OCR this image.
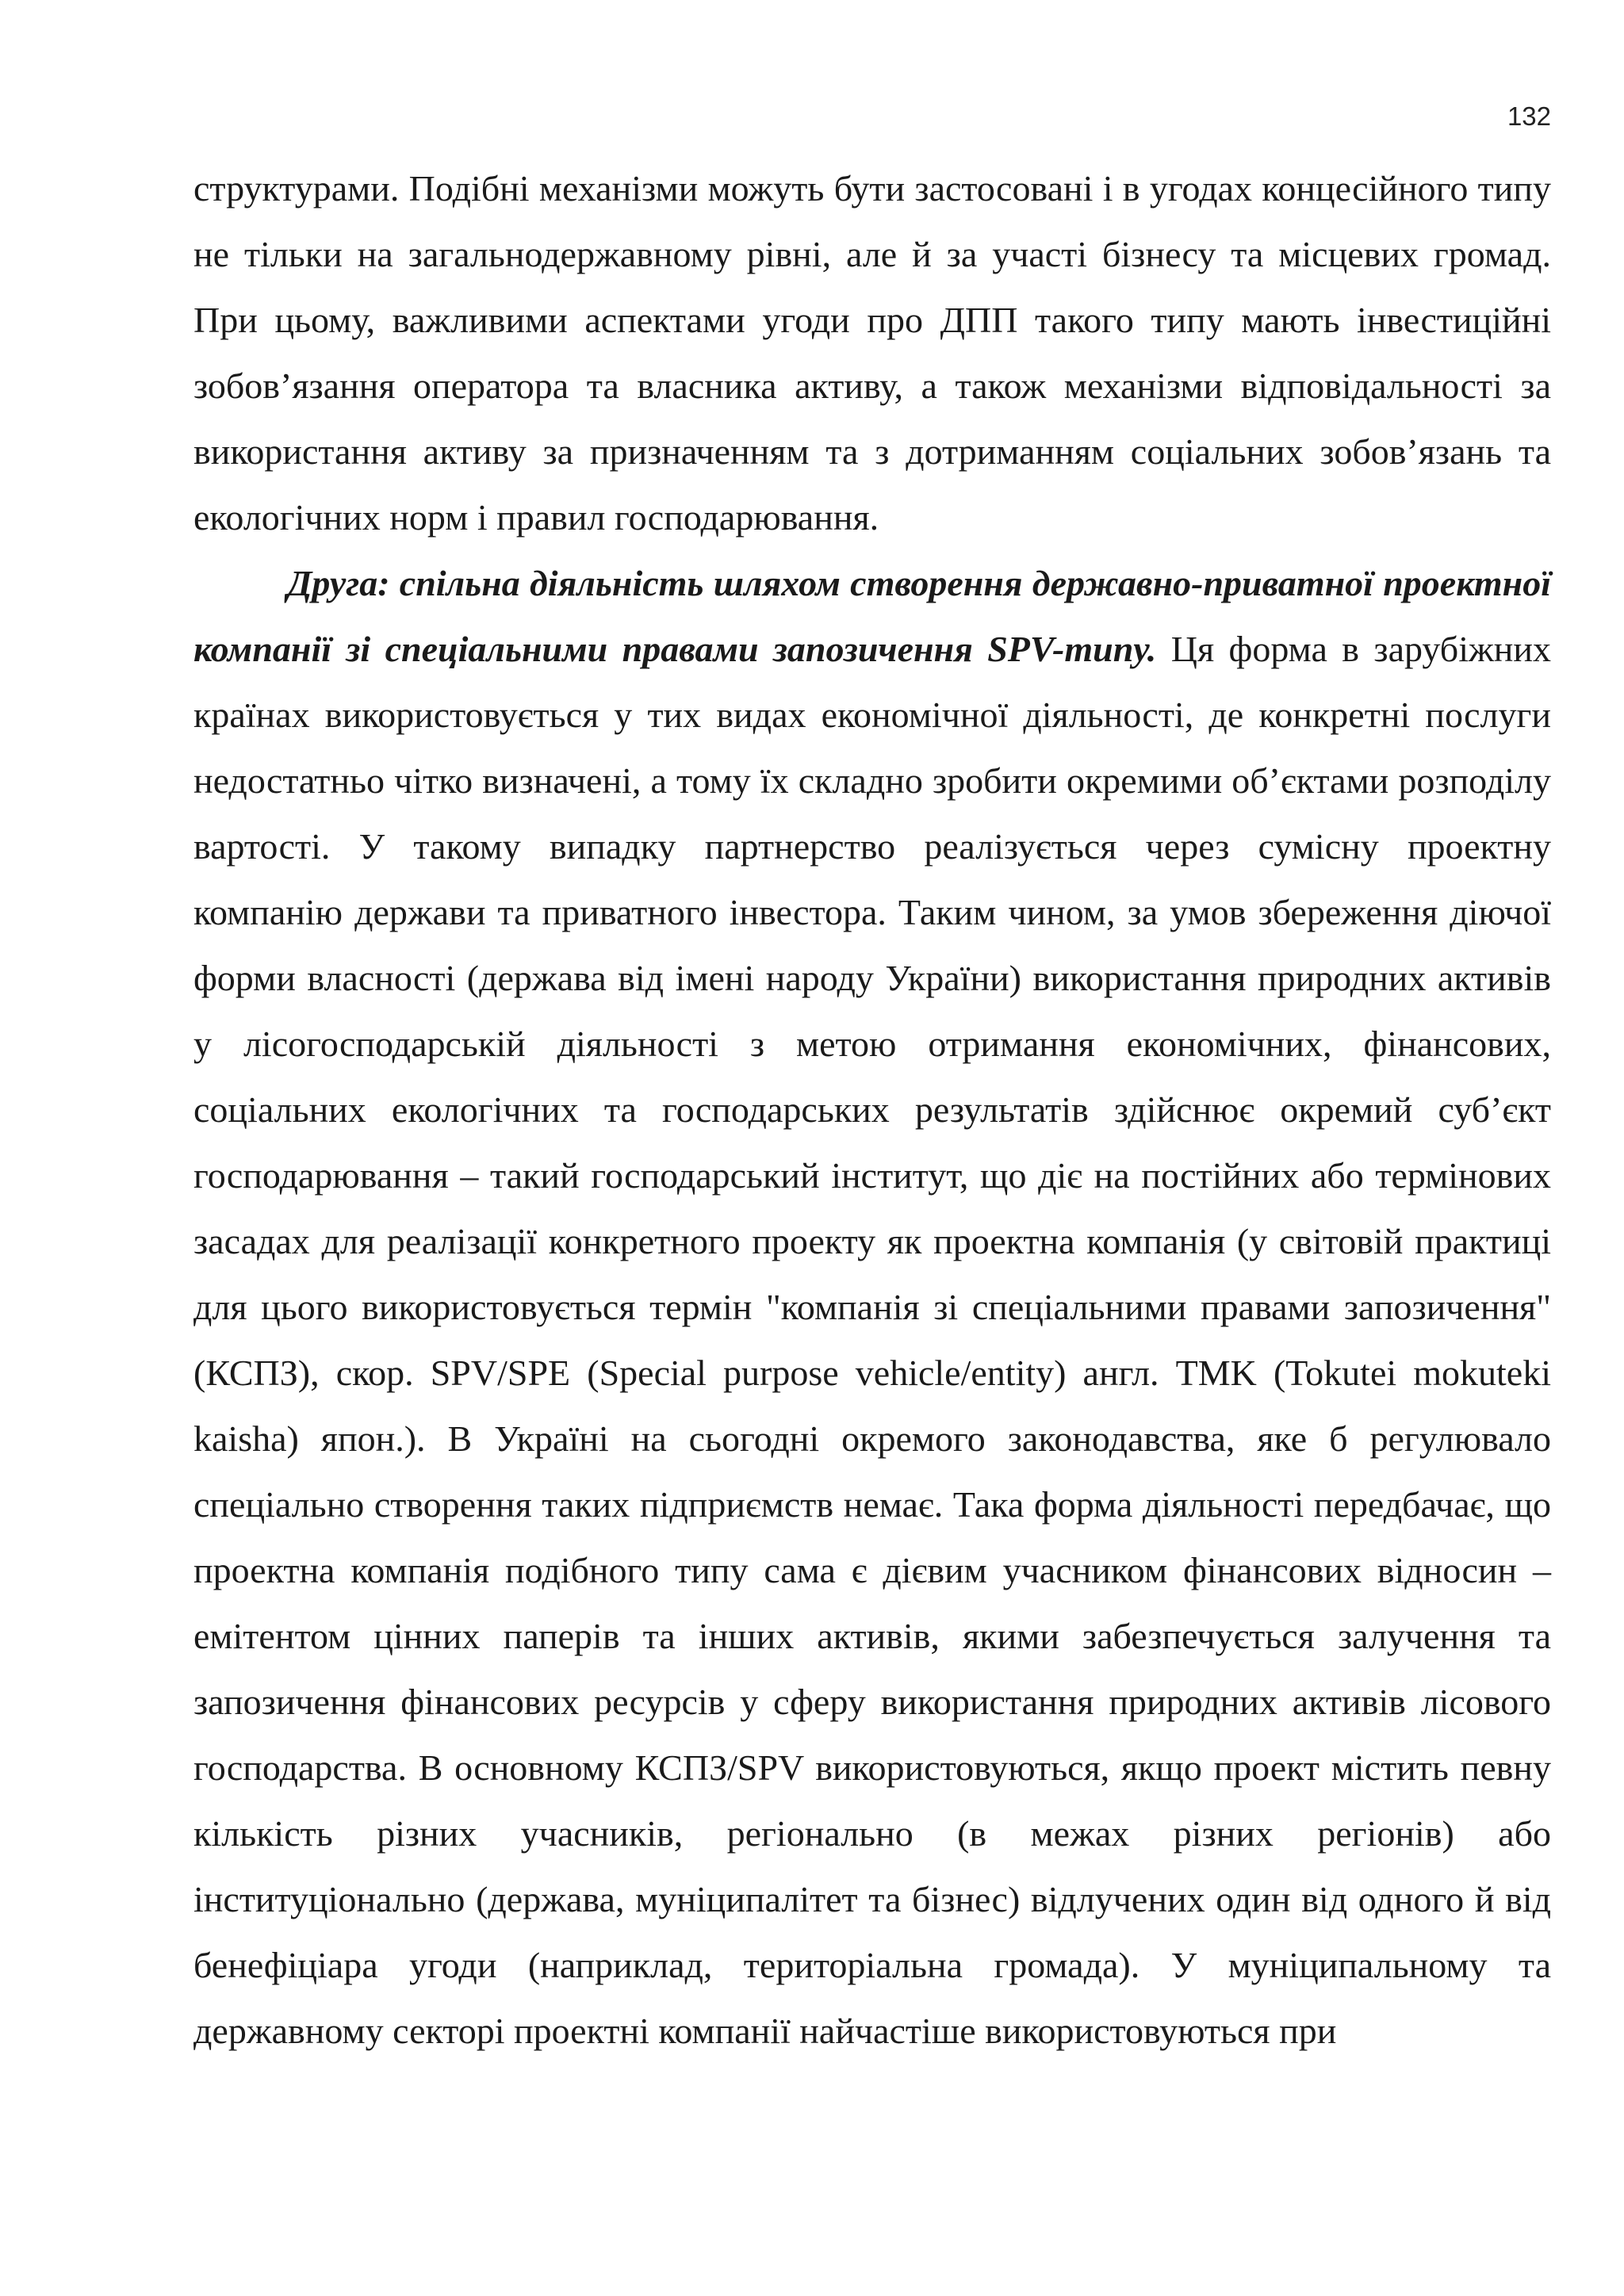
132

структурами. Подібні механізми можуть бути застосовані і в угодах концесійного типу не тільки на загальнодержавному рівні, але й за участі бізнесу та місцевих громад. При цьому, важливими аспектами угоди про ДПП такого типу мають інвестиційні зобов’язання оператора та власника активу, а також механізми відповідальності за використання активу за призначенням та з дотриманням соціальних зобов’язань та екологічних норм і правил господарювання.

Друга: спільна діяльність шляхом створення державно-приватної проектної компанії зі спеціальними правами запозичення SPV-типу. Ця форма в зарубіжних країнах використовується у тих видах економічної діяльності, де конкретні послуги недостатньо чітко визначені, а тому їх складно зробити окремими об’єктами розподілу вартості. У такому випадку партнерство реалізується через сумісну проектну компанію держави та приватного інвестора. Таким чином, за умов збереження діючої форми власності (держава від імені народу України) використання природних активів у лісогосподарській діяльності з метою отримання економічних, фінансових, соціальних екологічних та господарських результатів здійснює окремий суб’єкт господарювання – такий господарський інститут, що діє на постійних або термінових засадах для реалізації конкретного проекту як проектна компанія (у світовій практиці для цього використовується термін "компанія зі спеціальними правами запозичення" (КСПЗ), скор. SPV/SPE (Special purpose vehicle/entity) англ. TMK (Tokutei mokuteki kaisha) япон.). В Україні на сьогодні окремого законодавства, яке б регулювало спеціально створення таких підприємств немає. Така форма діяльності передбачає, що проектна компанія подібного типу сама є дієвим учасником фінансових відносин – емітентом цінних паперів та інших активів, якими забезпечується залучення та запозичення фінансових ресурсів у сферу використання природних активів лісового господарства. В основному КСПЗ/SPV використовуються, якщо проект містить певну кількість різних учасників, регіонально (в межах різних регіонів) або інституціонально (держава, муніципалітет та бізнес) відлучених один від одного й від бенефіціара угоди (наприклад, територіальна громада). У муніципальному та державному секторі проектні компанії найчастіше використовуються при
